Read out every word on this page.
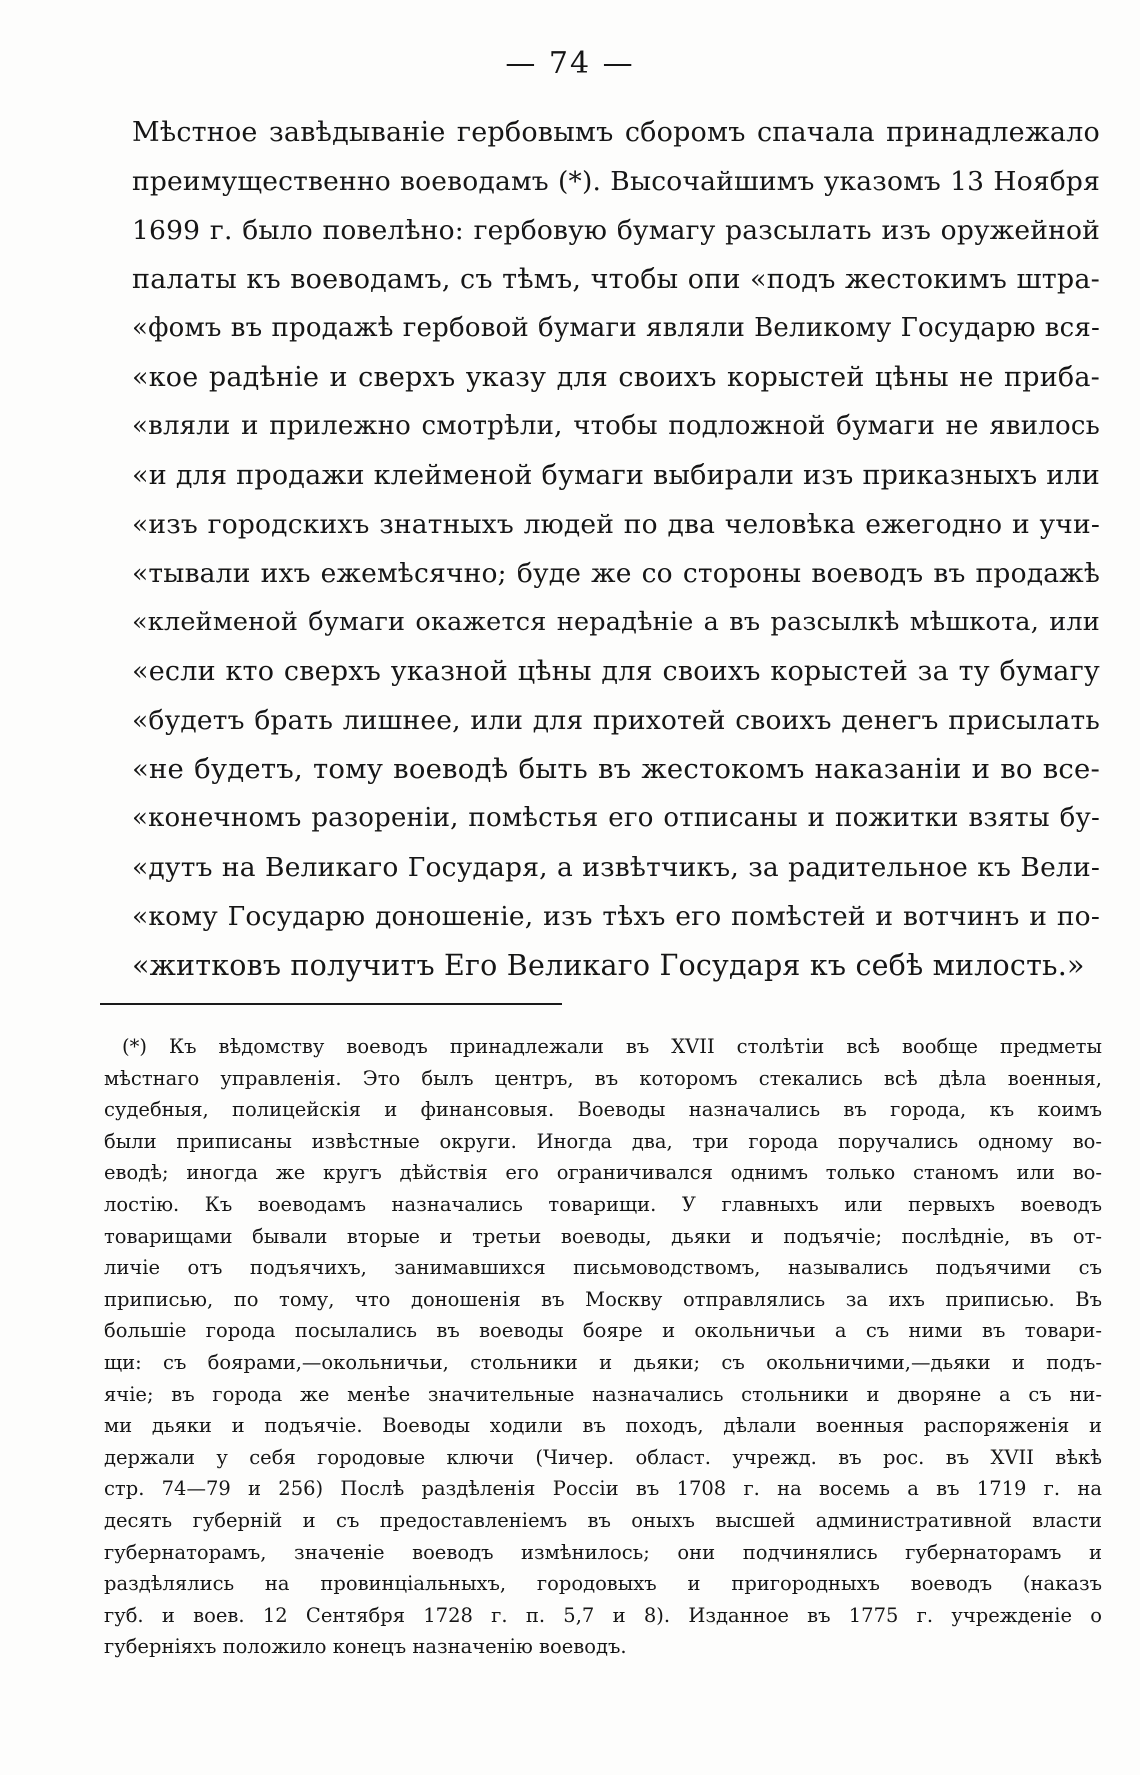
— 74 —
Мѣстное завѣдываніе гербовымъ сборомъ спачала принадлежало
преимущественно воеводамъ (*). Высочайшимъ указомъ 13 Ноября
1699 г. было повелѣно: гербовую бумагу разсылать изъ оружейной
палаты къ воеводамъ, съ тѣмъ, чтобы опи «подъ жестокимъ штра-
«фомъ въ продажѣ гербовой бумаги являли Великому Государю вся-
«кое радѣніе и сверхъ указу для своихъ корыстей цѣны не приба-
«вляли и прилежно смотрѣли, чтобы подложной бумаги не явилось
«и для продажи клейменой бумаги выбирали изъ приказныхъ или
«изъ городскихъ знатныхъ людей по два человѣка ежегодно и учи-
«тывали ихъ ежемѣсячно; буде же со стороны воеводъ въ продажѣ
«клейменой бумаги окажется нерадѣніе а въ разсылкѣ мѣшкота, или
«если кто сверхъ указной цѣны для своихъ корыстей за ту бумагу
«будетъ брать лишнее, или для прихотей своихъ денегъ присылать
«не будетъ, тому воеводѣ быть въ жестокомъ наказаніи и во все-
«конечномъ разореніи, помѣстья его отписаны и пожитки взяты бу-
«дутъ на Великаго Государя, а извѣтчикъ, за радительное къ Вели-
«кому Государю доношеніе, изъ тѣхъ его помѣстей и вотчинъ и по-
«житковъ получитъ Его Великаго Государя къ себѣ милость.»
(*) Къ вѣдомству воеводъ принадлежали въ XVII столѣтіи всѣ вообще предметы
мѣстнаго управленія. Это былъ центръ, въ которомъ стекались всѣ дѣла военныя,
судебныя, полицейскія и финансовыя. Воеводы назначались въ города, къ коимъ
были приписаны извѣстные округи. Иногда два, три города поручались одному во-
еводѣ; иногда же кругъ дѣйствія его ограничивался однимъ только станомъ или во-
лостію. Къ воеводамъ назначались товарищи. У главныхъ или первыхъ воеводъ
товарищами бывали вторые и третьи воеводы, дьяки и подъячіе; послѣдніе, въ от-
личіе отъ подъячихъ, занимавшихся письмоводствомъ, назывались подъячими съ
приписью, по тому, что доношенія въ Москву отправлялись за ихъ приписью. Въ
большіе города посылались въ воеводы бояре и окольничьи а съ ними въ товари-
щи: съ боярами,—окольничьи, стольники и дьяки; съ окольничими,—дьяки и подъ-
ячіе; въ города же менѣе значительные назначались стольники и дворяне а съ ни-
ми дьяки и подъячіе. Воеводы ходили въ походъ, дѣлали военныя распоряженія и
держали у себя городовые ключи (Чичер. област. учрежд. въ рос. въ XVII вѣкѣ
стр. 74—79 и 256) Послѣ раздѣленія Россіи въ 1708 г. на восемь а въ 1719 г. на
десять губерній и съ предоставленіемъ въ оныхъ высшей административной власти
губернаторамъ, значеніе воеводъ измѣнилось; они подчинялись губернаторамъ и
раздѣлялись на провинціальныхъ, городовыхъ и пригородныхъ воеводъ (наказъ
губ. и воев. 12 Сентября 1728 г. п. 5,7 и 8). Изданное въ 1775 г. учрежденіе о
губерніяхъ положило конецъ назначенію воеводъ.
